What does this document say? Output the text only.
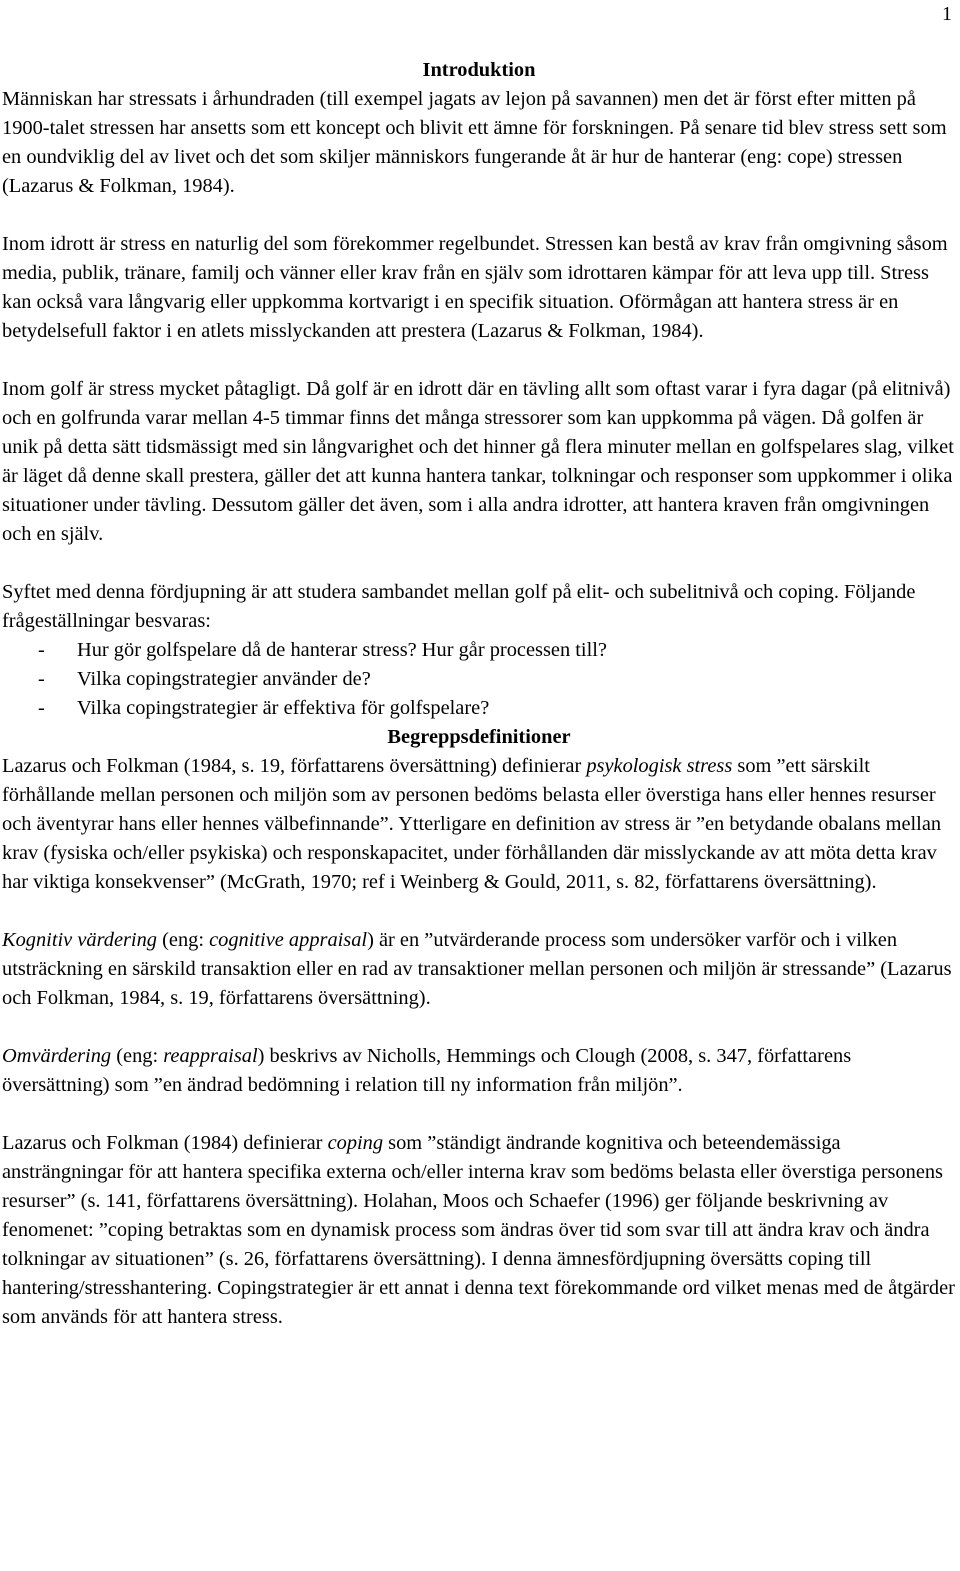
1
Introduktion

Människan har stressats i århundraden (till exempel jagats av lejon på savannen) men det är först efter mitten på 1900-talet stressen har ansetts som ett koncept och blivit ett ämne för forskningen. På senare tid blev stress sett som en oundviklig del av livet och det som skiljer människors fungerande åt är hur de hanterar (eng: cope) stressen (Lazarus & Folkman, 1984).

Inom idrott är stress en naturlig del som förekommer regelbundet. Stressen kan bestå av krav från omgivning såsom media, publik, tränare, familj och vänner eller krav från en själv som idrottaren kämpar för att leva upp till. Stress kan också vara långvarig eller uppkomma kortvarigt i en specifik situation. Oförmågan att hantera stress är en betydelsefull faktor i en atlets misslyckanden att prestera (Lazarus & Folkman, 1984).

Inom golf är stress mycket påtagligt. Då golf är en idrott där en tävling allt som oftast varar i fyra dagar (på elitnivå) och en golfrunda varar mellan 4-5 timmar finns det många stressorer som kan uppkomma på vägen. Då golfen är unik på detta sätt tidsmässigt med sin långvarighet och det hinner gå flera minuter mellan en golfspelares slag, vilket är läget då denne skall prestera, gäller det att kunna hantera tankar, tolkningar och responser som uppkommer i olika situationer under tävling. Dessutom gäller det även, som i alla andra idrotter, att hantera kraven från omgivningen och en själv.

Syftet med denna fördjupning är att studera sambandet mellan golf på elit- och subelitnivå och coping. Följande frågeställningar besvaras:

- Hur gör golfspelare då de hanterar stress? Hur går processen till?
- Vilka copingstrategier använder de?
- Vilka copingstrategier är effektiva för golfspelare?
Begreppsdefinitioner

Lazarus och Folkman (1984, s. 19, författarens översättning) definierar psykologisk stress som ”ett särskilt förhållande mellan personen och miljön som av personen bedöms belasta eller överstiga hans eller hennes resurser och äventyrar hans eller hennes välbefinnande”. Ytterligare en definition av stress är ”en betydande obalans mellan krav (fysiska och/eller psykiska) och responskapacitet, under förhållanden där misslyckande av att möta detta krav har viktiga konsekvenser” (McGrath, 1970; ref i Weinberg & Gould, 2011, s. 82, författarens översättning).

Kognitiv värdering (eng: cognitive appraisal) är en ”utvärderande process som undersöker varför och i vilken utsträckning en särskild transaktion eller en rad av transaktioner mellan personen och miljön är stressande” (Lazarus och Folkman, 1984, s. 19, författarens översättning).

Omvärdering (eng: reappraisal) beskrivs av Nicholls, Hemmings och Clough (2008, s. 347, författarens översättning) som ”en ändrad bedömning i relation till ny information från miljön”.

Lazarus och Folkman (1984) definierar coping som ”ständigt ändrande kognitiva och beteendemässiga ansträngningar för att hantera specifika externa och/eller interna krav som bedöms belasta eller överstiga personens resurser” (s. 141, författarens översättning). Holahan, Moos och Schaefer (1996) ger följande beskrivning av fenomenet: ”coping betraktas som en dynamisk process som ändras över tid som svar till att ändra krav och ändra tolkningar av situationen” (s. 26, författarens översättning). I denna ämnesfördjupning översätts coping till hantering/stresshantering. Copingstrategier är ett annat i denna text förekommande ord vilket menas med de åtgärder som används för att hantera stress.
